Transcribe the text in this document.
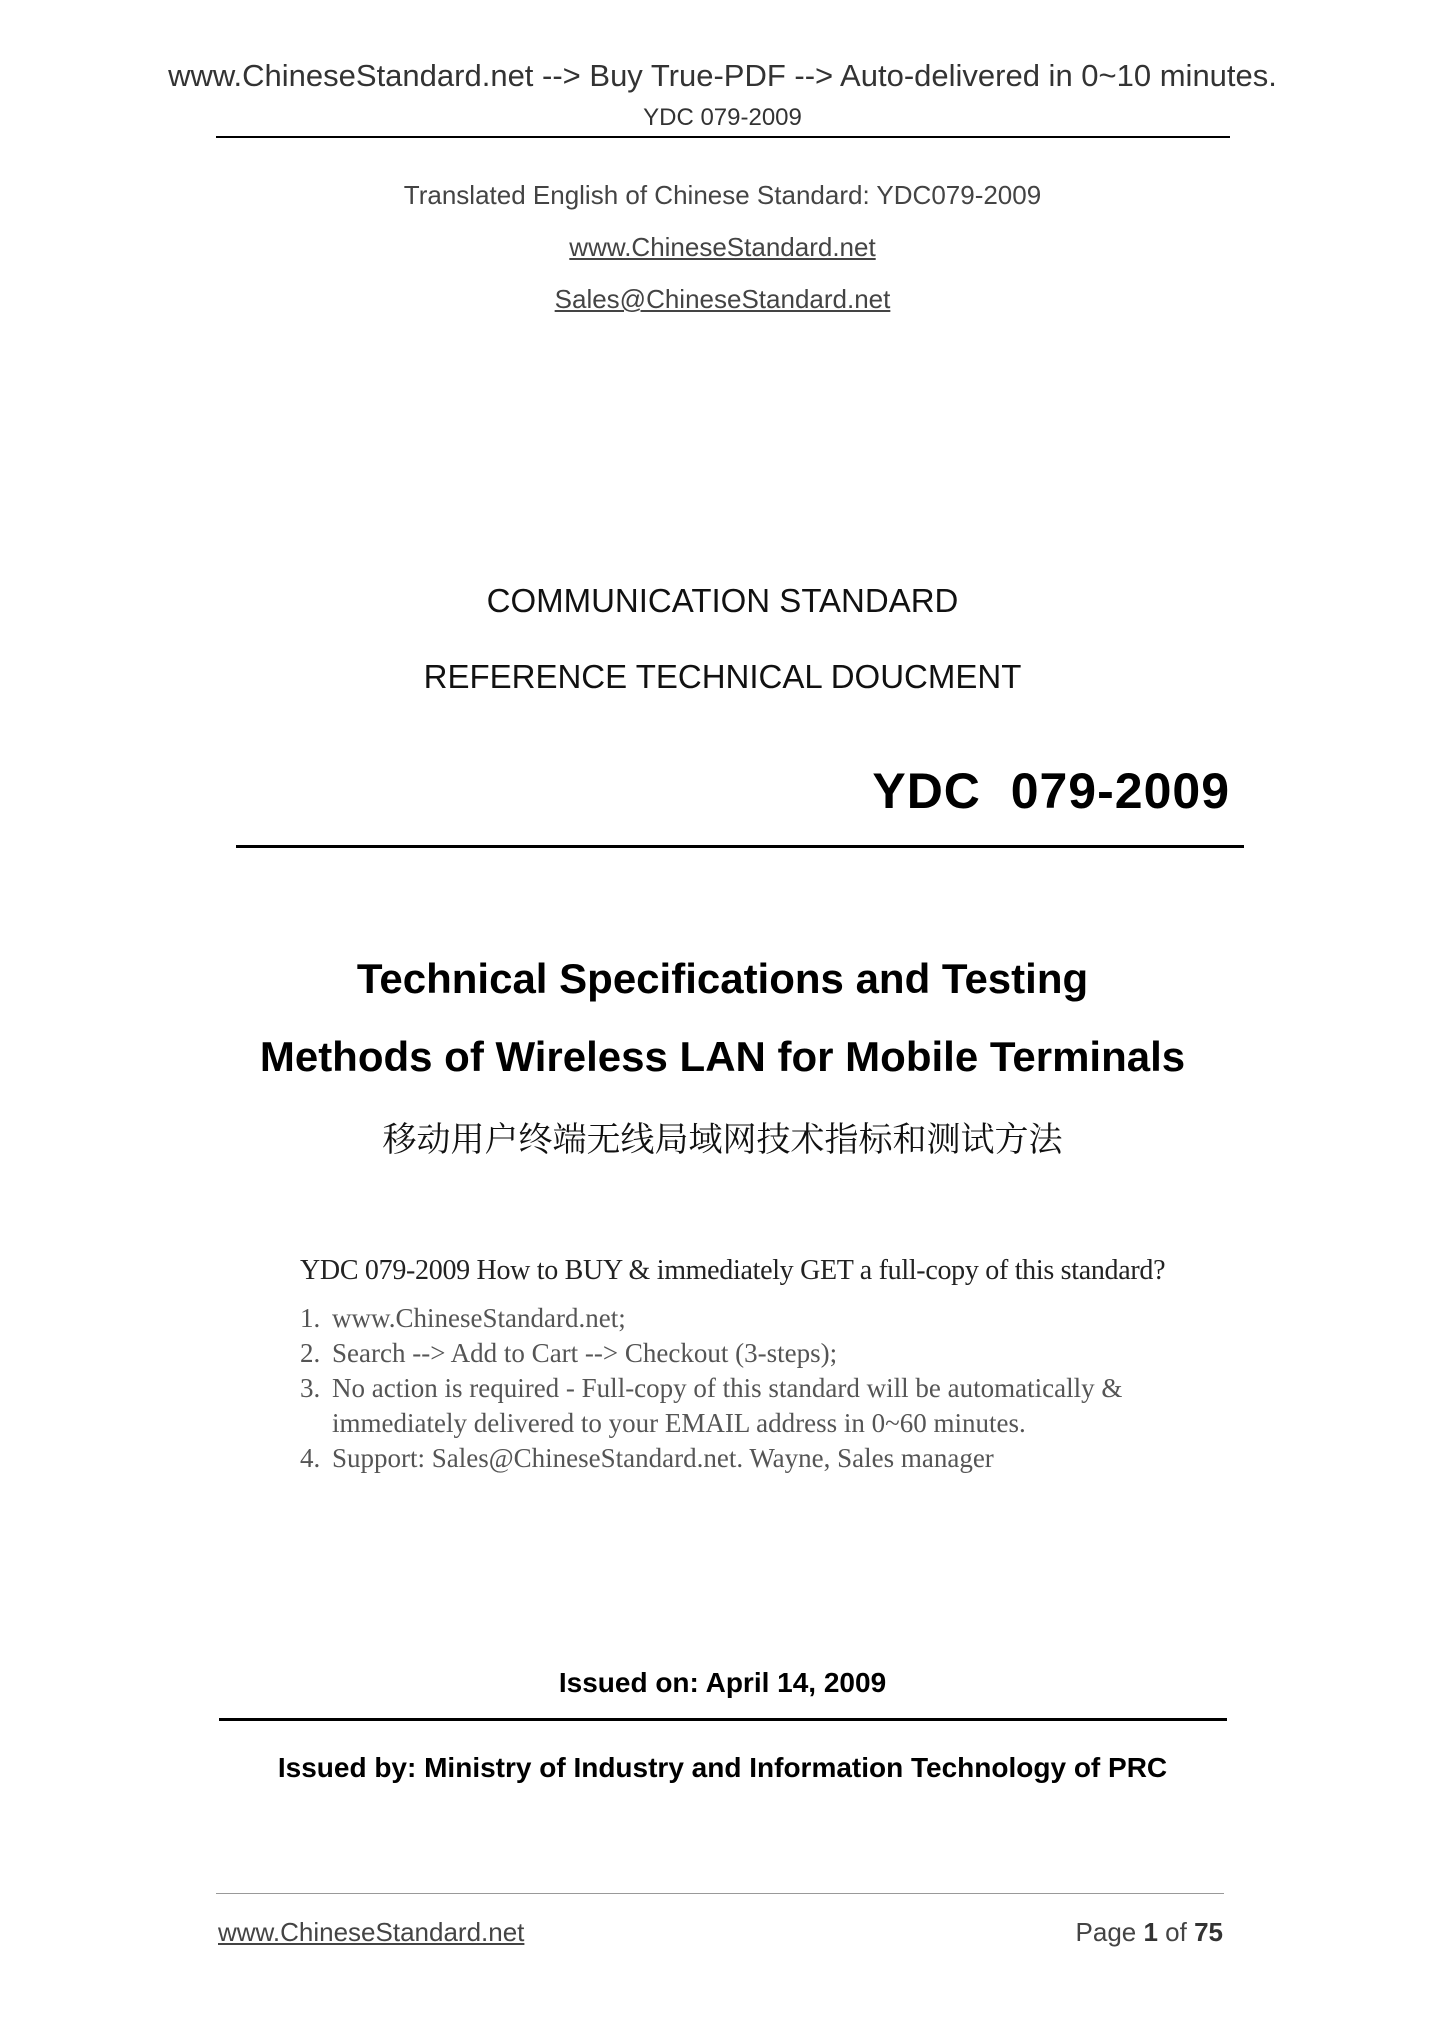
www.ChineseStandard.net --> Buy True-PDF --> Auto-delivered in 0~10 minutes.
YDC 079-2009
Translated English of Chinese Standard: YDC079-2009
www.ChineseStandard.net
Sales@ChineseStandard.net
COMMUNICATION STANDARD
REFERENCE TECHNICAL DOUCMENT
YDC  079-2009
Technical Specifications and Testing
Methods of Wireless LAN for Mobile Terminals
移动用户终端无线局域网技术指标和测试方法
YDC 079-2009 How to BUY & immediately GET a full-copy of this standard?
1. www.ChineseStandard.net;
2. Search --> Add to Cart --> Checkout (3-steps);
3. No action is required - Full-copy of this standard will be automatically & immediately delivered to your EMAIL address in 0~60 minutes.
4. Support: Sales@ChineseStandard.net. Wayne, Sales manager
Issued on: April 14, 2009
Issued by: Ministry of Industry and Information Technology of PRC
www.ChineseStandard.net	Page 1 of 75
